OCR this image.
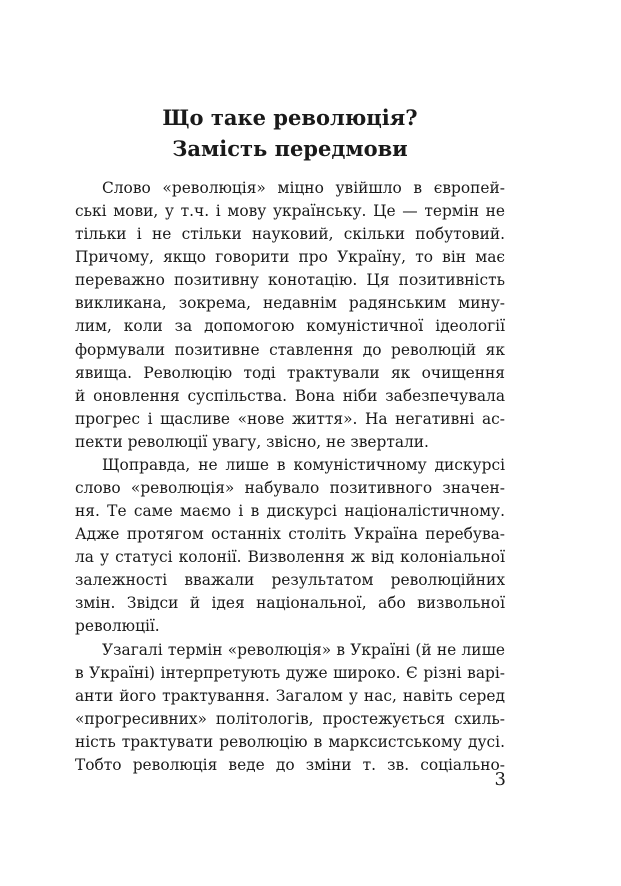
Що таке революція?
Замість передмови
Слово «революція» міцно увійшло в європей-
ські мови, у т.ч. і мову українську. Це — термін не
тільки і не стільки науковий, скільки побутовий.
Причому, якщо говорити про Україну, то він має
переважно позитивну конотацію. Ця позитивність
викликана, зокрема, недавнім радянським мину-
лим, коли за допомогою комуністичної ідеології
формували позитивне ставлення до революцій як
явища. Революцію тоді трактували як очищення
й оновлення суспільства. Вона ніби забезпечувала
прогрес і щасливе «нове життя». На негативні ас-
пекти революції увагу, звісно, не звертали.
Щоправда, не лише в комуністичному дискурсі
слово «революція» набувало позитивного значен-
ня. Те саме маємо і в дискурсі націоналістичному.
Адже протягом останніх століть Україна перебува-
ла у статусі колонії. Визволення ж від колоніальної
залежності вважали результатом революційних
змін. Звідси й ідея національної, або визвольної
революції.
Узагалі термін «революція» в Україні (й не лише
в Україні) інтерпретують дуже широко. Є різні варі-
анти його трактування. Загалом у нас, навіть серед
«прогресивних» політологів, простежується схиль-
ність трактувати революцію в марксистському дусі.
Тобто революція веде до зміни т. зв. соціально-
3
